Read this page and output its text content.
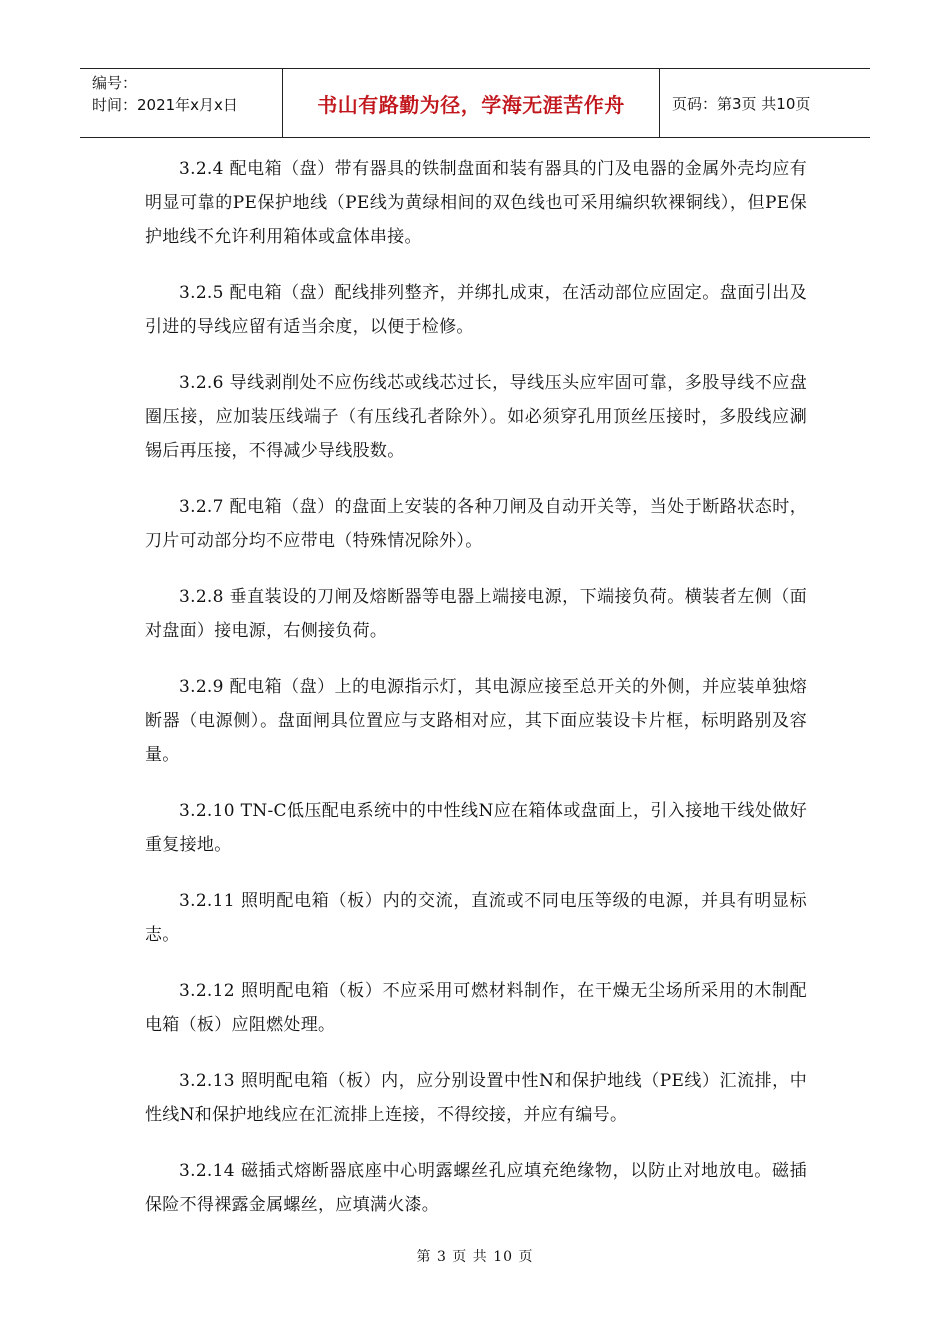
编号：
时间：2021年x月x日	书山有路勤为径，学海无涯苦作舟	页码：第3页 共10页

3.2.4 配电箱（盘）带有器具的铁制盘面和装有器具的门及电器的金属外壳均应有明显可靠的PE保护地线（PE线为黄绿相间的双色线也可采用编织软裸铜线），但PE保护地线不允许利用箱体或盒体串接。

3.2.5 配电箱（盘）配线排列整齐，并绑扎成束，在活动部位应固定。盘面引出及引进的导线应留有适当余度，以便于检修。

3.2.6 导线剥削处不应伤线芯或线芯过长，导线压头应牢固可靠，多股导线不应盘圈压接，应加装压线端子（有压线孔者除外）。如必须穿孔用顶丝压接时，多股线应涮锡后再压接，不得减少导线股数。

3.2.7 配电箱（盘）的盘面上安装的各种刀闸及自动开关等，当处于断路状态时，刀片可动部分均不应带电（特殊情况除外）。

3.2.8 垂直装设的刀闸及熔断器等电器上端接电源，下端接负荷。横装者左侧（面对盘面）接电源，右侧接负荷。

3.2.9 配电箱（盘）上的电源指示灯，其电源应接至总开关的外侧，并应装单独熔断器（电源侧）。盘面闸具位置应与支路相对应，其下面应装设卡片框，标明路别及容量。

3.2.10 TN-C低压配电系统中的中性线N应在箱体或盘面上，引入接地干线处做好重复接地。

3.2.11 照明配电箱（板）内的交流，直流或不同电压等级的电源，并具有明显标志。

3.2.12 照明配电箱（板）不应采用可燃材料制作，在干燥无尘场所采用的木制配电箱（板）应阻燃处理。

3.2.13 照明配电箱（板）内，应分别设置中性N和保护地线（PE线）汇流排，中性线N和保护地线应在汇流排上连接，不得绞接，并应有编号。

3.2.14 磁插式熔断器底座中心明露螺丝孔应填充绝缘物，以防止对地放电。磁插保险不得裸露金属螺丝，应填满火漆。

第 3 页 共 10 页
